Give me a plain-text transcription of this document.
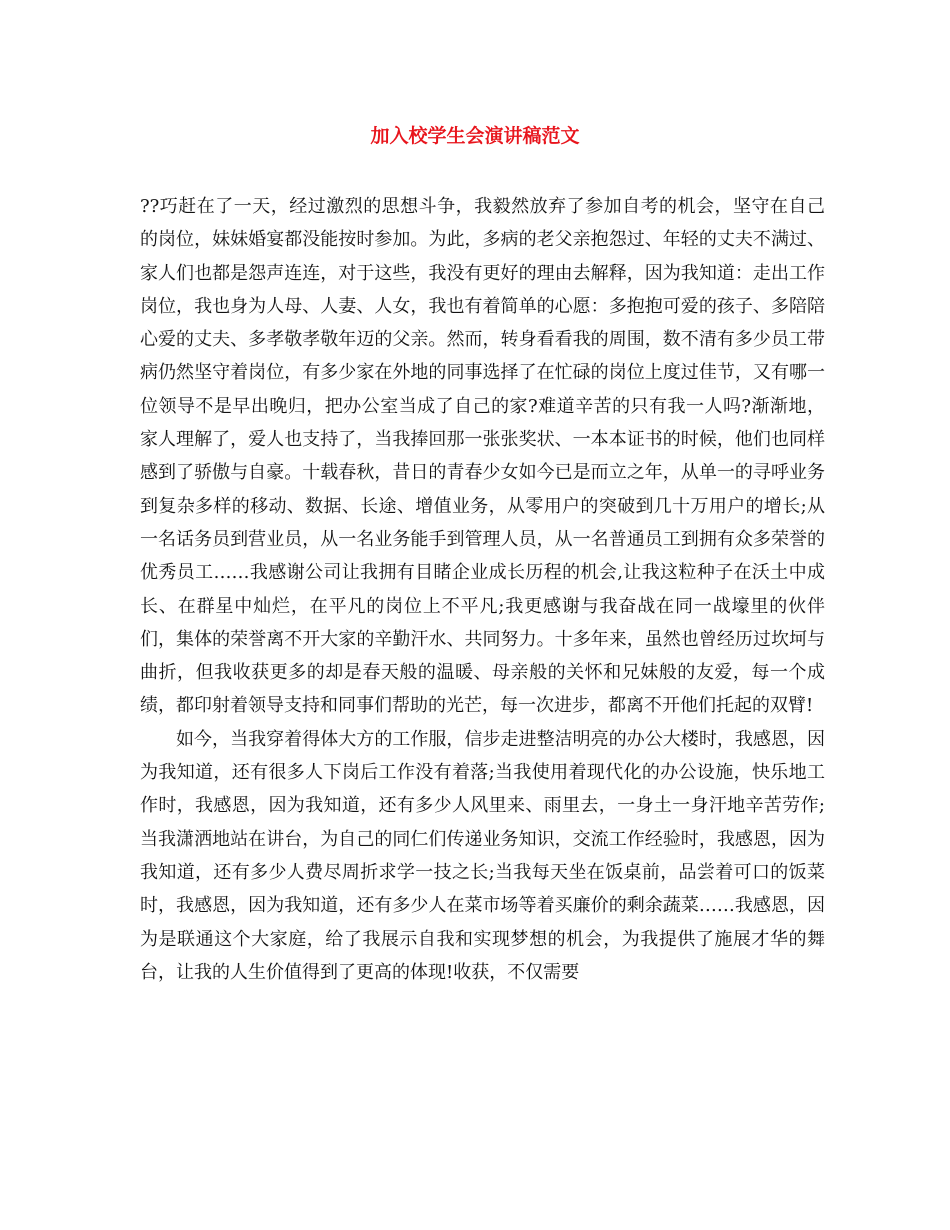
加入校学生会演讲稿范文

??巧赶在了一天，经过激烈的思想斗争，我毅然放弃了参加自考的机会，坚守在自己的岗位，妹妹婚宴都没能按时参加。为此，多病的老父亲抱怨过、年轻的丈夫不满过、家人们也都是怨声连连，对于这些，我没有更好的理由去解释，因为我知道：走出工作岗位，我也身为人母、人妻、人女，我也有着简单的心愿：多抱抱可爱的孩子、多陪陪心爱的丈夫、多孝敬孝敬年迈的父亲。然而，转身看看我的周围，数不清有多少员工带病仍然坚守着岗位，有多少家在外地的同事选择了在忙碌的岗位上度过佳节，又有哪一位领导不是早出晚归，把办公室当成了自己的家?难道辛苦的只有我一人吗?渐渐地，家人理解了，爱人也支持了，当我捧回那一张张奖状、一本本证书的时候，他们也同样感到了骄傲与自豪。十载春秋，昔日的青春少女如今已是而立之年，从单一的寻呼业务到复杂多样的移动、数据、长途、增值业务，从零用户的突破到几十万用户的增长;从一名话务员到营业员，从一名业务能手到管理人员，从一名普通员工到拥有众多荣誉的优秀员工……我感谢公司让我拥有目睹企业成长历程的机会,让我这粒种子在沃土中成长、在群星中灿烂，在平凡的岗位上不平凡;我更感谢与我奋战在同一战壕里的伙伴们，集体的荣誉离不开大家的辛勤汗水、共同努力。十多年来，虽然也曾经历过坎坷与曲折，但我收获更多的却是春天般的温暖、母亲般的关怀和兄妹般的友爱，每一个成绩，都印射着领导支持和同事们帮助的光芒，每一次进步，都离不开他们托起的双臂!

如今，当我穿着得体大方的工作服，信步走进整洁明亮的办公大楼时，我感恩，因为我知道，还有很多人下岗后工作没有着落;当我使用着现代化的办公设施，快乐地工作时，我感恩，因为我知道，还有多少人风里来、雨里去，一身土一身汗地辛苦劳作;当我潇洒地站在讲台，为自己的同仁们传递业务知识，交流工作经验时，我感恩，因为我知道，还有多少人费尽周折求学一技之长;当我每天坐在饭桌前，品尝着可口的饭菜时，我感恩，因为我知道，还有多少人在菜市场等着买廉价的剩余蔬菜……我感恩，因为是联通这个大家庭，给了我展示自我和实现梦想的机会，为我提供了施展才华的舞台，让我的人生价值得到了更高的体现!收获，不仅需要
